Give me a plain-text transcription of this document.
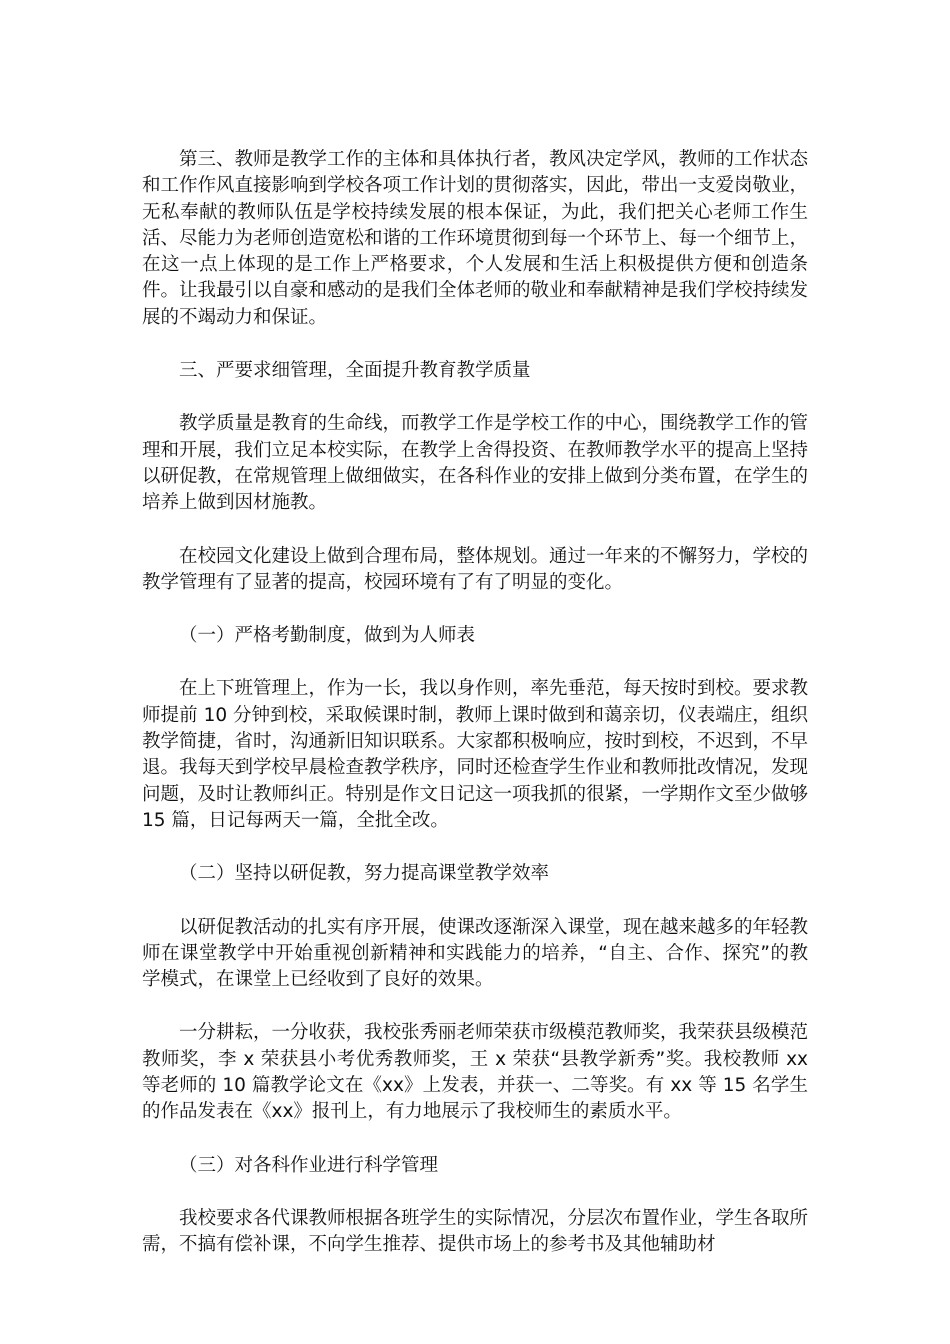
第三、教师是教学工作的主体和具体执行者，教风决定学风，教师的工作状态和工作作风直接影响到学校各项工作计划的贯彻落实，因此，带出一支爱岗敬业，无私奉献的教师队伍是学校持续发展的根本保证，为此，我们把关心老师工作生活、尽能力为老师创造宽松和谐的工作环境贯彻到每一个环节上、每一个细节上，在这一点上体现的是工作上严格要求，个人发展和生活上积极提供方便和创造条件。让我最引以自豪和感动的是我们全体老师的敬业和奉献精神是我们学校持续发展的不竭动力和保证。

三、严要求细管理，全面提升教育教学质量

教学质量是教育的生命线，而教学工作是学校工作的中心，围绕教学工作的管理和开展，我们立足本校实际，在教学上舍得投资、在教师教学水平的提高上坚持以研促教，在常规管理上做细做实，在各科作业的安排上做到分类布置，在学生的培养上做到因材施教。

在校园文化建设上做到合理布局，整体规划。通过一年来的不懈努力，学校的教学管理有了显著的提高，校园环境有了有了明显的变化。

（一）严格考勤制度，做到为人师表

在上下班管理上，作为一长，我以身作则，率先垂范，每天按时到校。要求教师提前 10 分钟到校，采取候课时制，教师上课时做到和蔼亲切，仪表端庄，组织教学简捷，省时，沟通新旧知识联系。大家都积极响应，按时到校，不迟到，不早退。我每天到学校早晨检查教学秩序，同时还检查学生作业和教师批改情况，发现问题，及时让教师纠正。特别是作文日记这一项我抓的很紧，一学期作文至少做够 15 篇，日记每两天一篇，全批全改。

（二）坚持以研促教，努力提高课堂教学效率

以研促教活动的扎实有序开展，使课改逐渐深入课堂，现在越来越多的年轻教师在课堂教学中开始重视创新精神和实践能力的培养，“自主、合作、探究”的教学模式，在课堂上已经收到了良好的效果。

一分耕耘，一分收获，我校张秀丽老师荣获市级模范教师奖，我荣获县级模范教师奖，李 x 荣获县小考优秀教师奖，王 x 荣获“县教学新秀”奖。我校教师 xx 等老师的 10 篇教学论文在《xx》上发表，并获一、二等奖。有 xx 等 15 名学生的作品发表在《xx》报刊上，有力地展示了我校师生的素质水平。

（三）对各科作业进行科学管理

我校要求各代课教师根据各班学生的实际情况，分层次布置作业，学生各取所需，不搞有偿补课，不向学生推荐、提供市场上的参考书及其他辅助材
